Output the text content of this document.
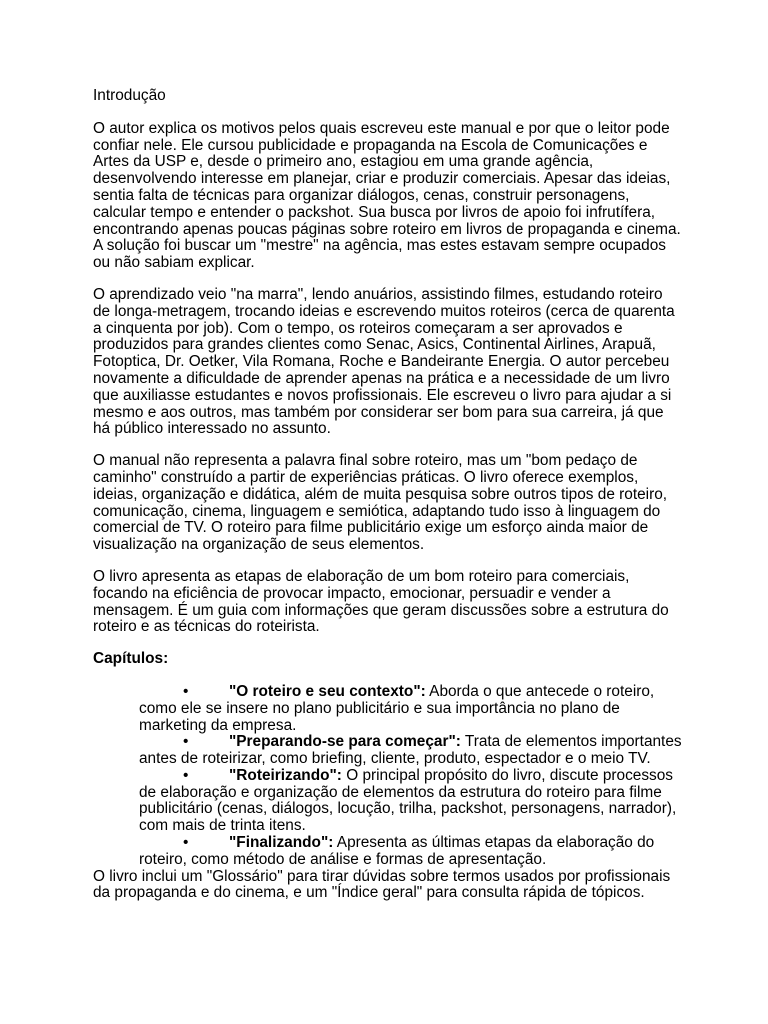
Introdução

O autor explica os motivos pelos quais escreveu este manual e por que o leitor pode confiar nele. Ele cursou publicidade e propaganda na Escola de Comunicações e Artes da USP e, desde o primeiro ano, estagiou em uma grande agência, desenvolvendo interesse em planejar, criar e produzir comerciais. Apesar das ideias, sentia falta de técnicas para organizar diálogos, cenas, construir personagens, calcular tempo e entender o packshot. Sua busca por livros de apoio foi infrutífera, encontrando apenas poucas páginas sobre roteiro em livros de propaganda e cinema. A solução foi buscar um "mestre" na agência, mas estes estavam sempre ocupados ou não sabiam explicar.

O aprendizado veio "na marra", lendo anuários, assistindo filmes, estudando roteiro de longa-metragem, trocando ideias e escrevendo muitos roteiros (cerca de quarenta a cinquenta por job). Com o tempo, os roteiros começaram a ser aprovados e produzidos para grandes clientes como Senac, Asics, Continental Airlines, Arapuã, Fotoptica, Dr. Oetker, Vila Romana, Roche e Bandeirante Energia. O autor percebeu novamente a dificuldade de aprender apenas na prática e a necessidade de um livro que auxiliasse estudantes e novos profissionais. Ele escreveu o livro para ajudar a si mesmo e aos outros, mas também por considerar ser bom para sua carreira, já que há público interessado no assunto.

O manual não representa a palavra final sobre roteiro, mas um "bom pedaço de caminho" construído a partir de experiências práticas. O livro oferece exemplos, ideias, organização e didática, além de muita pesquisa sobre outros tipos de roteiro, comunicação, cinema, linguagem e semiótica, adaptando tudo isso à linguagem do comercial de TV. O roteiro para filme publicitário exige um esforço ainda maior de visualização na organização de seus elementos.

O livro apresenta as etapas de elaboração de um bom roteiro para comerciais, focando na eficiência de provocar impacto, emocionar, persuadir e vender a mensagem. É um guia com informações que geram discussões sobre a estrutura do roteiro e as técnicas do roteirista.

Capítulos:

•	"O roteiro e seu contexto": Aborda o que antecede o roteiro, como ele se insere no plano publicitário e sua importância no plano de marketing da empresa.
•	"Preparando-se para começar": Trata de elementos importantes antes de roteirizar, como briefing, cliente, produto, espectador e o meio TV.
•	"Roteirizando": O principal propósito do livro, discute processos de elaboração e organização de elementos da estrutura do roteiro para filme publicitário (cenas, diálogos, locução, trilha, packshot, personagens, narrador), com mais de trinta itens.
•	"Finalizando": Apresenta as últimas etapas da elaboração do roteiro, como método de análise e formas de apresentação.

O livro inclui um "Glossário" para tirar dúvidas sobre termos usados por profissionais da propaganda e do cinema, e um "Índice geral" para consulta rápida de tópicos.
